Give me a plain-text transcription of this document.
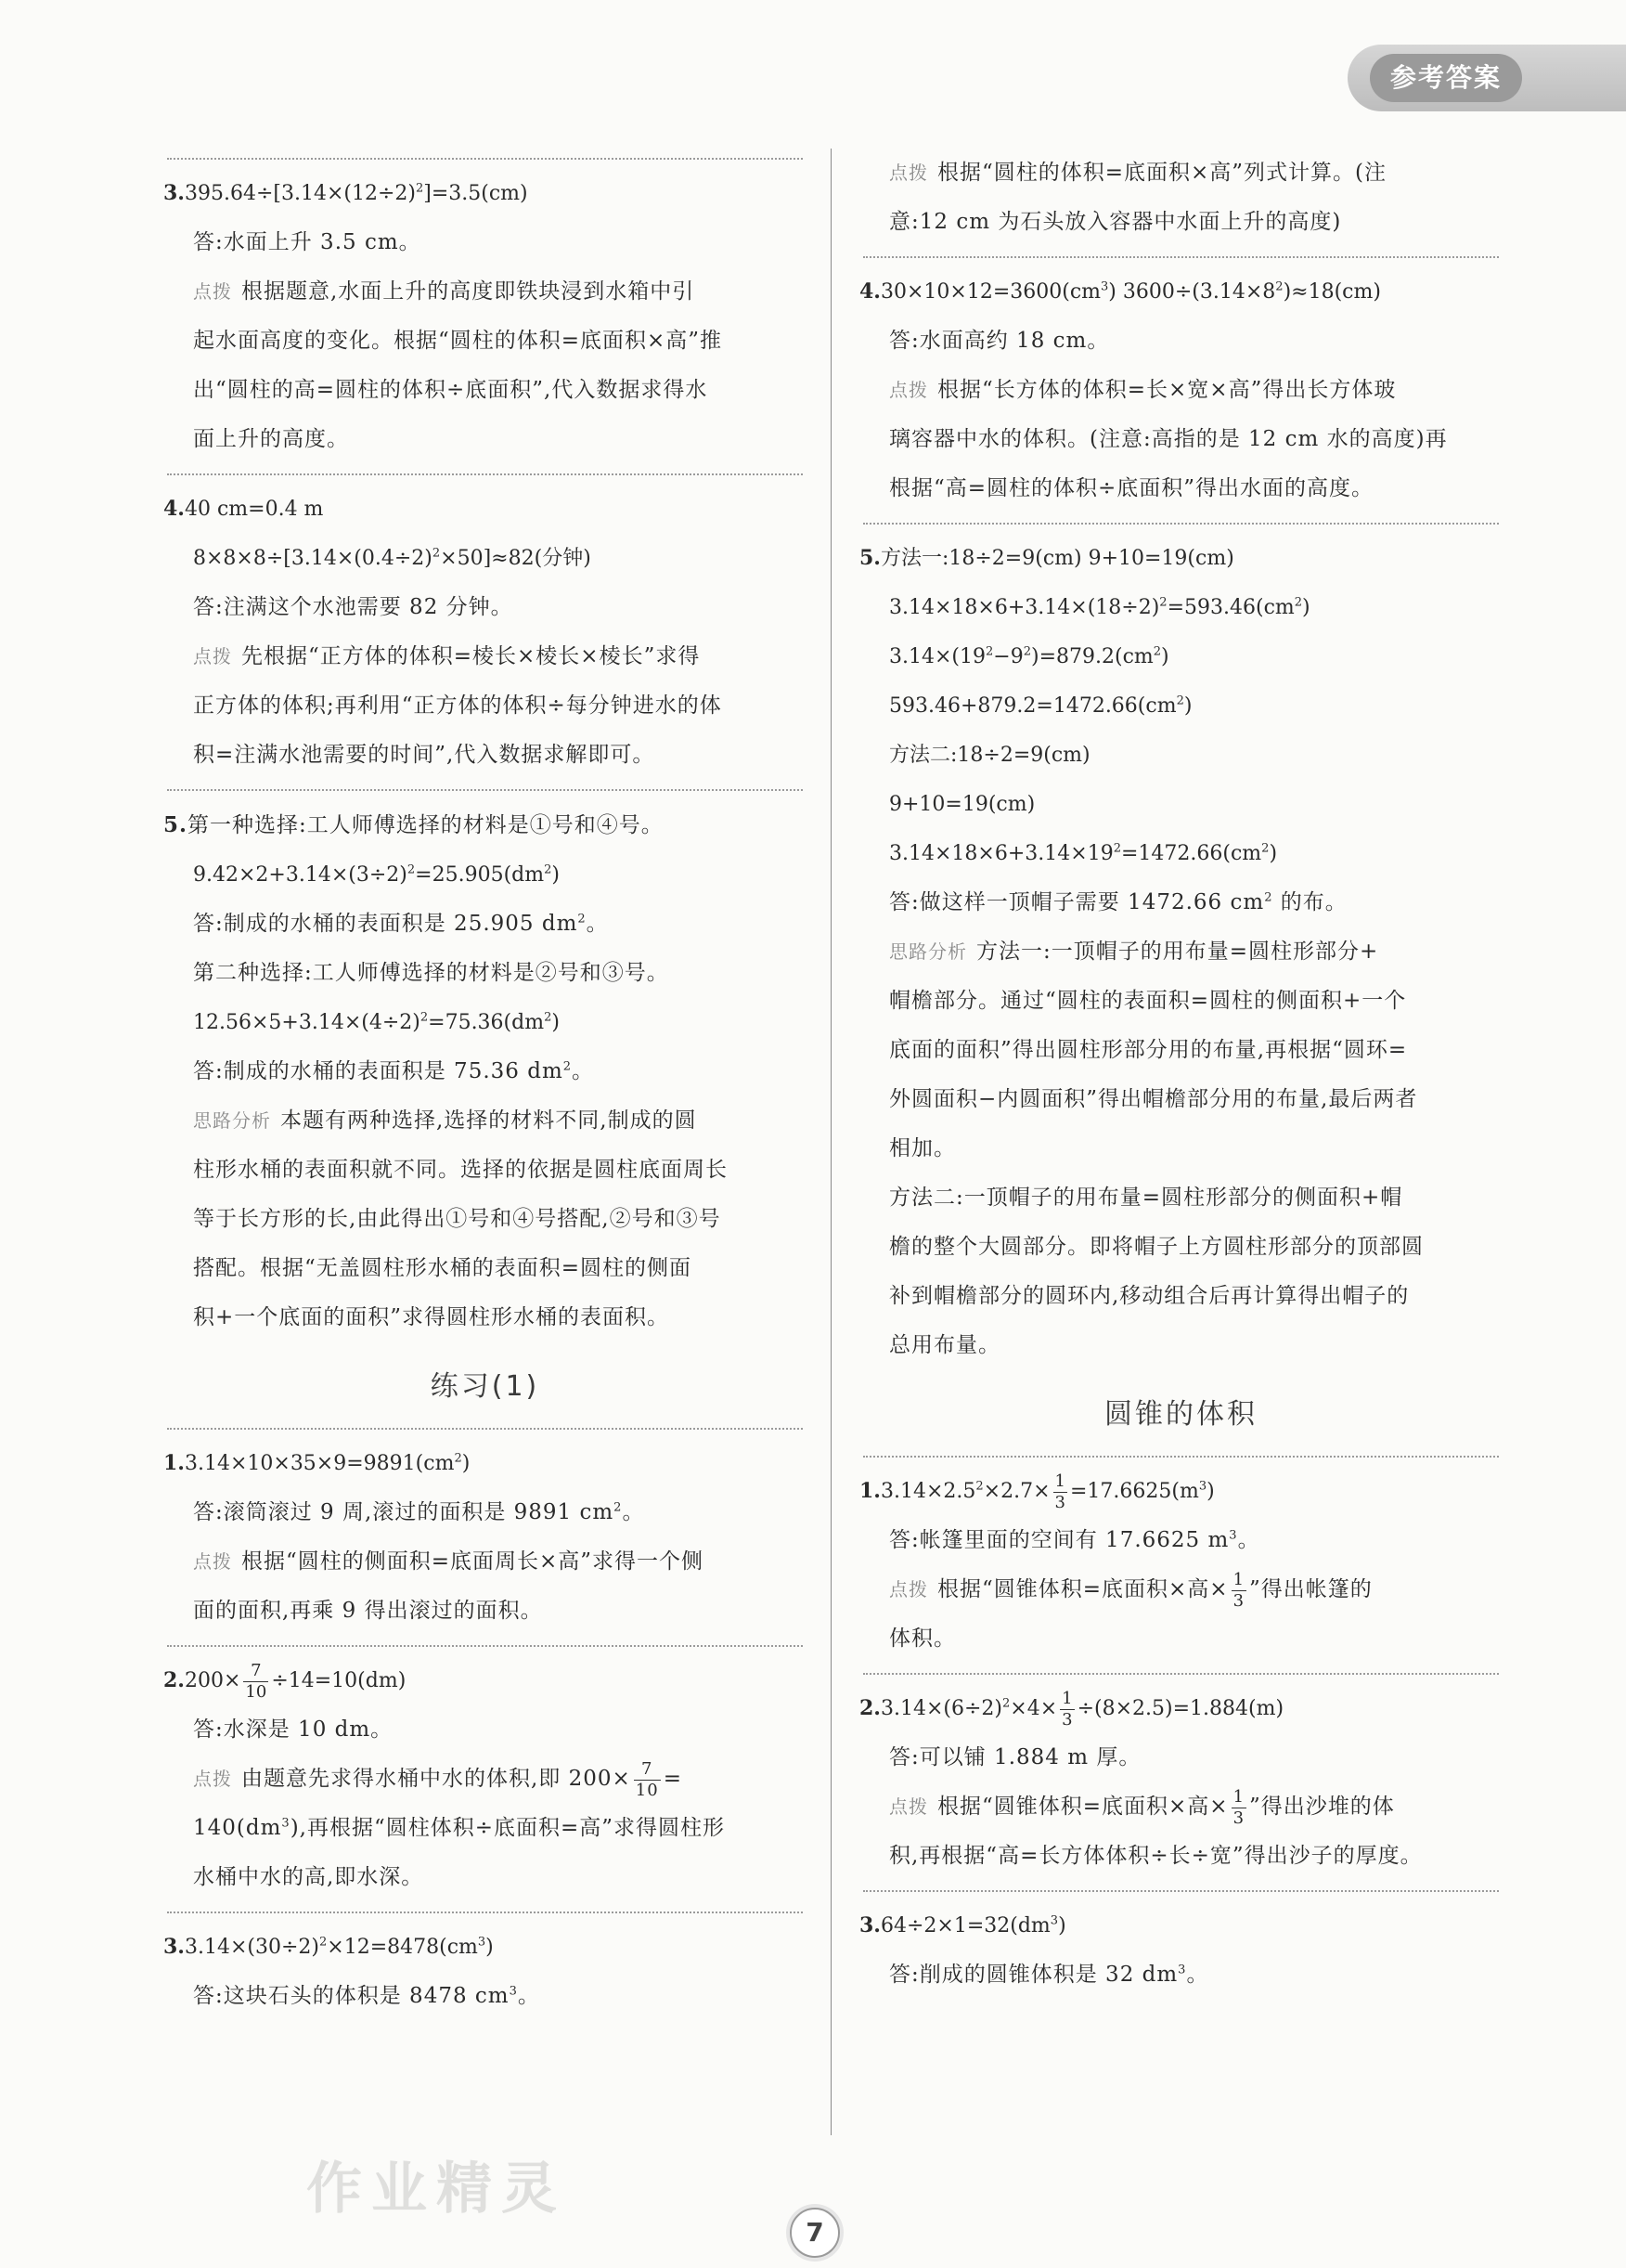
参考答案

$3.395.64\div[3.14\times(12\div 2)^2]=3.5(cm)$

答:水面上升 3.5 cm。

点拨 根据题意,水面上升的高度即铁块浸到水箱中引

起水面高度的变化。根据“圆柱的体积=底面积×高”推

出“圆柱的高=圆柱的体积÷底面积”,代入数据求得水

面上升的高度。

4.40 cm=0.4 m

$8\times 8\times 8\div[3.14\times(0.4\div 2)^2\times 50]\approx 82$(分钟)

答:注满这个水池需要 82 分钟。

点拨 先根据“正方体的体积=棱长×棱长×棱长”求得

正方体的体积;再利用“正方体的体积÷每分钟进水的体

积=注满水池需要的时间”,代入数据求解即可。

5.第一种选择:工人师傅选择的材料是①号和④号。

$9.42\times 2+3.14\times(3\div 2)^2=25.905(dm^2)$

答:制成的水桶的表面积是 25.905 $dm^2$。

第二种选择:工人师傅选择的材料是②号和③号。

$12.56\times 5+3.14\times(4\div 2)^2=75.36(dm^2)$

答:制成的水桶的表面积是 75.36 $dm^2$。

思路分析 本题有两种选择,选择的材料不同,制成的圆

柱形水桶的表面积就不同。选择的依据是圆柱底面周长

等于长方形的长,由此得出①号和④号搭配,②号和③号

搭配。根据“无盖圆柱形水桶的表面积=圆柱的侧面

积+一个底面的面积”求得圆柱形水桶的表面积。

练习(1)

$1.3.14\times 10\times 35\times 9=9891(cm^2)$

答:滚筒滚过 9 周,滚过的面积是 9891 $cm^2$。

点拨 根据“圆柱的侧面积=底面周长×高”求得一个侧

面的面积,再乘 9 得出滚过的面积。

$2.200\times \frac{7}{10} \div 14=10(dm)$

答:水深是 10 dm。

点拨 由题意先求得水桶中水的体积,即 $200\times \frac{7}{10}$ =

$140(dm^3)$,再根据“圆柱体积÷底面积=高”求得圆柱形

水桶中水的高,即水深。

$3.3.14\times(30\div 2)^2\times 12=8478(cm^3)$

答:这块石头的体积是 8478 $cm^3$。

点拨 根据“圆柱的体积=底面积×高”列式计算。(注

意:12 cm 为石头放入容器中水面上升的高度)

$4.30\times 10\times 12=3600(cm^3)$ $3600\div(3.14\times 8^2)\approx 18(cm)$

答:水面高约 18 cm。

点拨 根据“长方体的体积=长×宽×高”得出长方体玻

璃容器中水的体积。(注意:高指的是 12 cm 水的高度)再

根据“高=圆柱的体积÷底面积”得出水面的高度。

5.方法一:18÷2=9(cm) 9+10=19(cm)

$3.14\times 18\times 6+3.14\times(18\div 2)^2=593.46(cm^2)$

$3.14\times(19^2-9^2)=879.2(cm^2)$

$593.46+879.2=1472.66(cm^2)$

方法二:18÷2=9(cm)

9+10=19(cm)

$3.14\times 18\times 6+3.14\times 19^2=1472.66(cm^2)$

答:做这样一顶帽子需要 1472.66 $cm^2$ 的布。

思路分析 方法一:一顶帽子的用布量=圆柱形部分+

帽檐部分。通过“圆柱的表面积=圆柱的侧面积+一个

底面的面积”得出圆柱形部分用的布量,再根据“圆环=

外圆面积−内圆面积”得出帽檐部分用的布量,最后两者

相加。

方法二:一顶帽子的用布量=圆柱形部分的侧面积+帽

檐的整个大圆部分。即将帽子上方圆柱形部分的顶部圆

补到帽檐部分的圆环内,移动组合后再计算得出帽子的

总用布量。

圆锥的体积

$1.3.14\times 2.5^2\times 2.7\times \frac{1}{3} =17.6625(m^3)$

答:帐篷里面的空间有 17.6625 $m^3$。

点拨 根据“圆锥体积=底面积×高× $\frac{1}{3}$ ”得出帐篷的

体积。

$2.3.14\times(6\div 2)^2\times 4\times \frac{1}{3} \div(8\times 2.5)=1.884(m)$

答:可以铺 1.884 m 厚。

点拨 根据“圆锥体积=底面积×高× $\frac{1}{3}$ ”得出沙堆的体

积,再根据“高=长方体体积÷长÷宽”得出沙子的厚度。

$3.64\div 2\times 1=32(dm^3)$

答:削成的圆锥体积是 32 $dm^3$。

作业精灵
7
